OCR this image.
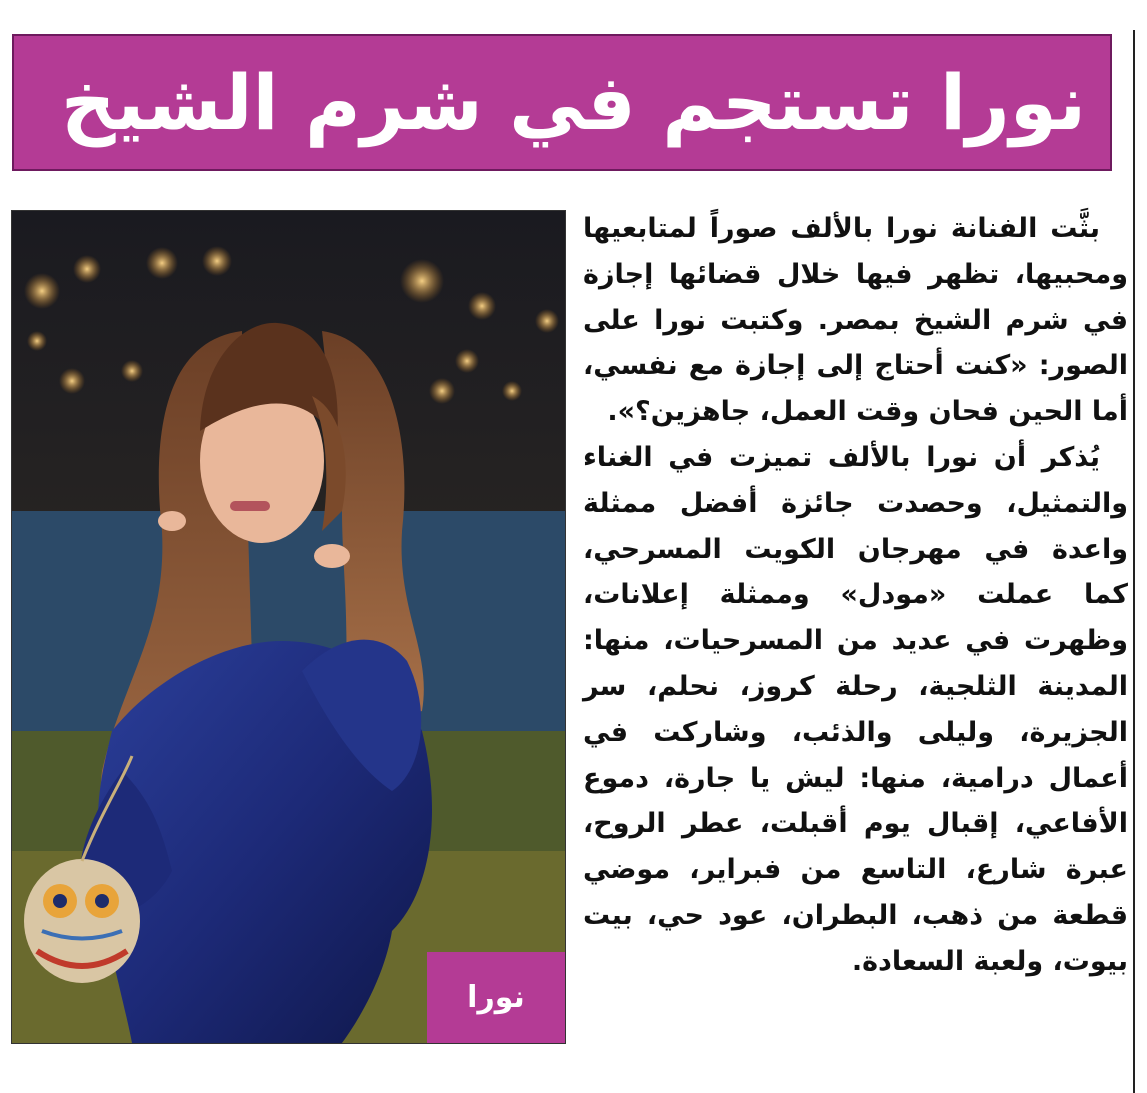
نورا تستجم في شرم الشيخ
نورا

بثَّت الفنانة نورا بالألف صوراً لمتابعيها ومحبيها، تظهر فيها خلال قضائها إجازة في شرم الشيخ بمصر. وكتبت نورا على الصور: «كنت أحتاج إلى إجازة مع نفسي، أما الحين فحان وقت العمل، جاهزين؟».

يُذكر أن نورا بالألف تميزت في الغناء والتمثيل، وحصدت جائزة أفضل ممثلة واعدة في مهرجان الكويت المسرحي، كما عملت «مودل» وممثلة إعلانات، وظهرت في عديد من المسرحيات، منها: المدينة الثلجية، رحلة كروز، نحلم، سر الجزيرة، وليلى والذئب، وشاركت في أعمال درامية، منها: ليش يا جارة، دموع الأفاعي، إقبال يوم أقبلت، عطر الروح، عبرة شارع، التاسع من فبراير، موضي قطعة من ذهب، البطران، عود حي، بيت بيوت، ولعبة السعادة.
